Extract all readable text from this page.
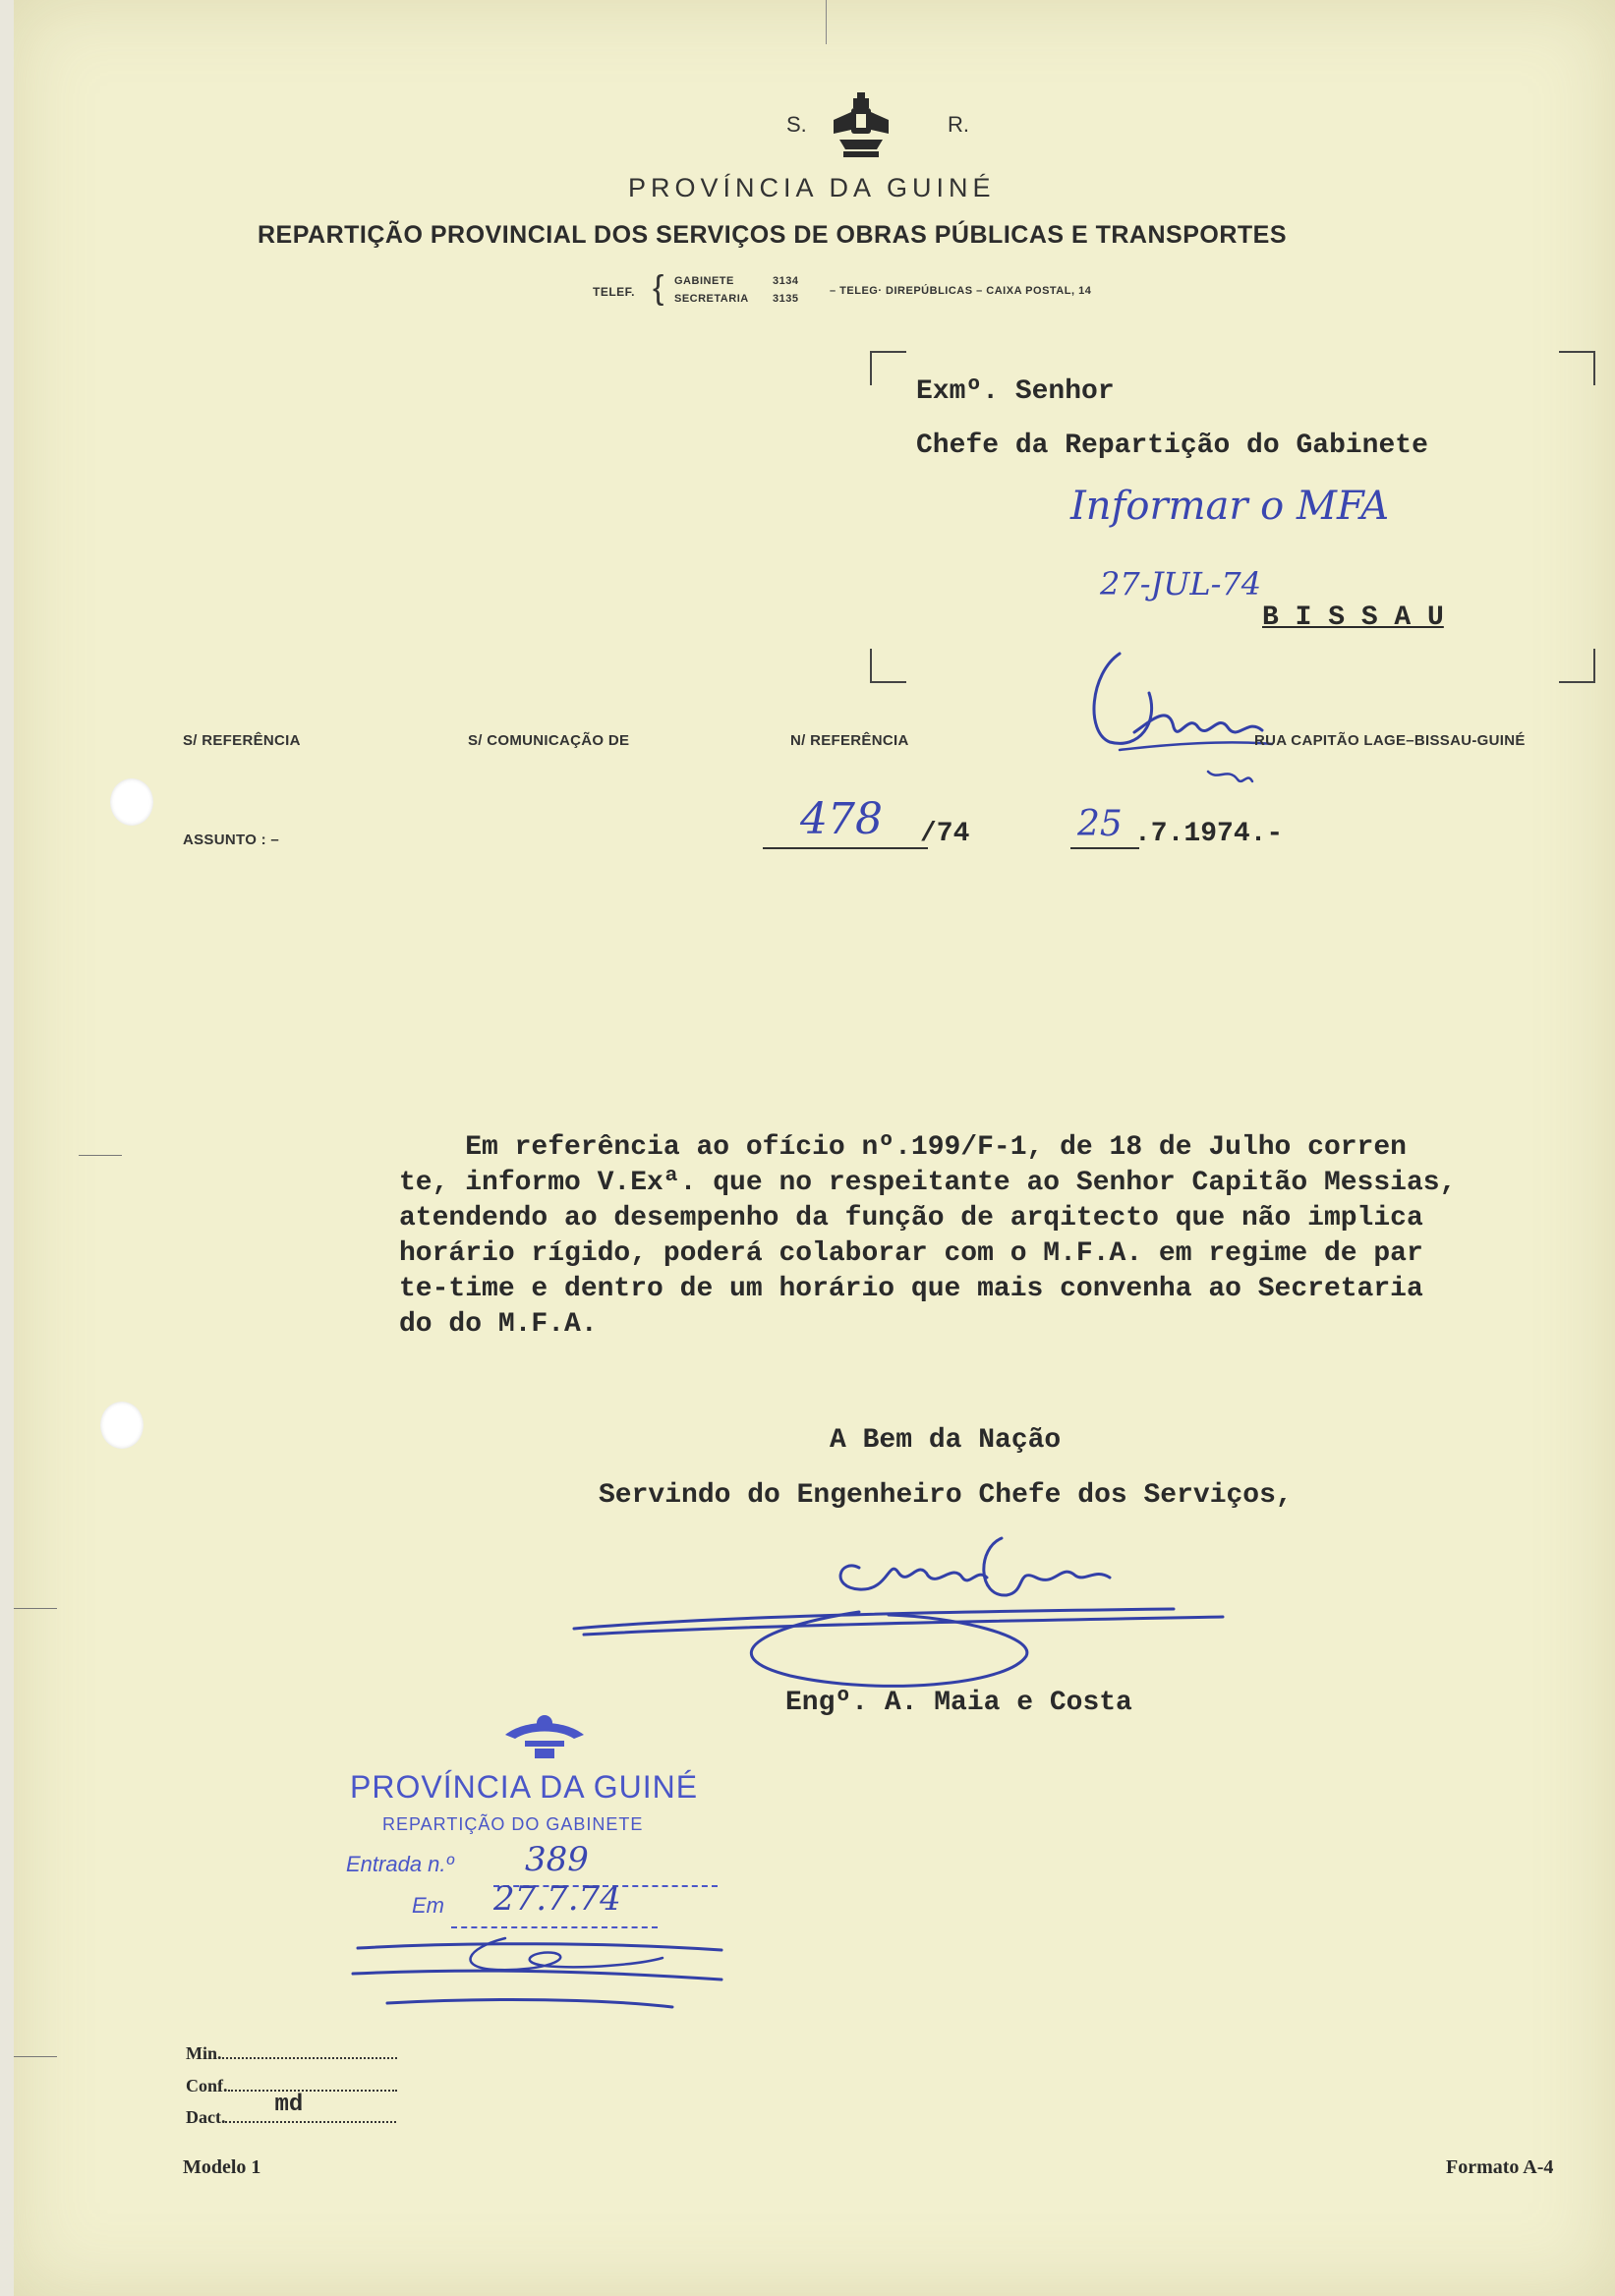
S.	R.
PROVÍNCIA DA GUINÉ
REPARTIÇÃO PROVINCIAL DOS SERVIÇOS DE OBRAS PÚBLICAS E TRANSPORTES
TELEF. { GABINETE	3134
SECRETARIA 3135
– TELEG· DIREPÚBLICAS – CAIXA POSTAL, 14
Exmº. Senhor
Chefe da Repartição do Gabinete
Informar o MFA
27-JUL-74
B I S S A U
S/ REFERÊNCIA	S/ COMUNICAÇÃO DE	N/ REFERÊNCIA	RUA CAPITÃO LAGE–BISSAU-GUINÉ
ASSUNTO : –	478 /74	25 .7.1974.-
Em referência ao ofício nº.199/F-1, de 18 de Julho corren
te, informo V.Exª. que no respeitante ao Senhor Capitão Messias,
atendendo ao desempenho da função de arqitecto que não implica
horário rígido, poderá colaborar com o M.F.A. em regime de par
te-time e dentro de um horário que mais convenha ao Secretaria
do do M.F.A.
A Bem da Nação
Servindo do Engenheiro Chefe dos Serviços,
Engº. A. Maia e Costa
PROVÍNCIA DA GUINÉ
REPARTIÇÃO DO GABINETE
Entrada n.º 389
Em 27.7.74
Min.
Conf.
Dact. md
Modelo 1	Formato A-4
